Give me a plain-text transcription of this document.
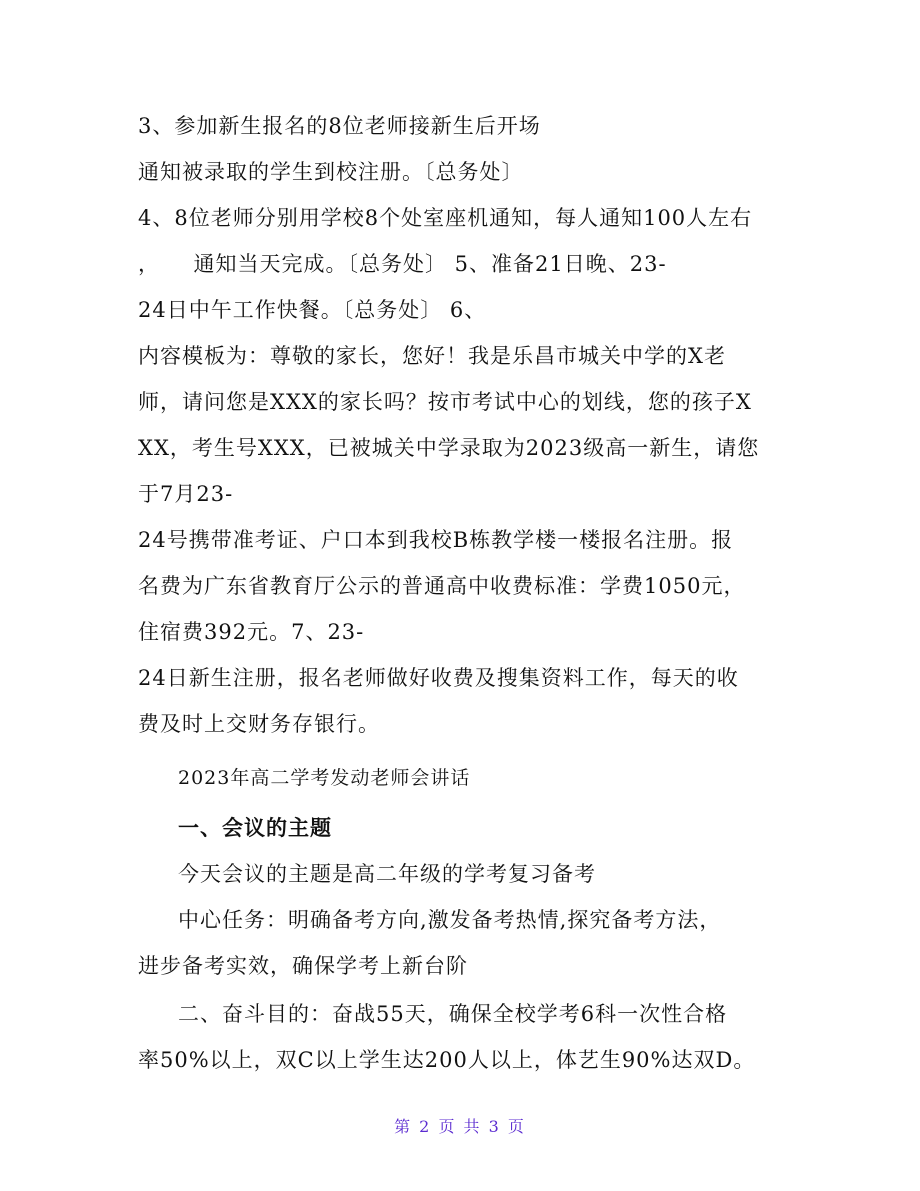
3、参加新生报名的8位老师接新生后开场
通知被录取的学生到校注册。〔总务处〕
4、8位老师分别用学校8个处室座机通知，每人通知100人左右
，　　通知当天完成。〔总务处〕 5、准备21日晚、23-
24日中午工作快餐。〔总务处〕 6、
内容模板为：尊敬的家长，您好！我是乐昌市城关中学的X老
师，请问您是XXX的家长吗？按市考试中心的划线，您的孩子X
XX，考生号XXX，已被城关中学录取为2023级高一新生，请您
于7月23-
24号携带准考证、户口本到我校B栋教学楼一楼报名注册。报
名费为广东省教育厅公示的普通高中收费标准：学费1050元，
住宿费392元。7、23-
24日新生注册，报名老师做好收费及搜集资料工作，每天的收
费及时上交财务存银行。
2023年高二学考发动老师会讲话
一、会议的主题
今天会议的主题是高二年级的学考复习备考
中心任务：明确备考方向,激发备考热情,探究备考方法，
进步备考实效，确保学考上新台阶
二、奋斗目的：奋战55天，确保全校学考6科一次性合格
率50%以上，双C以上学生达200人以上，体艺生90%达双D。
第 2 页 共 3 页
